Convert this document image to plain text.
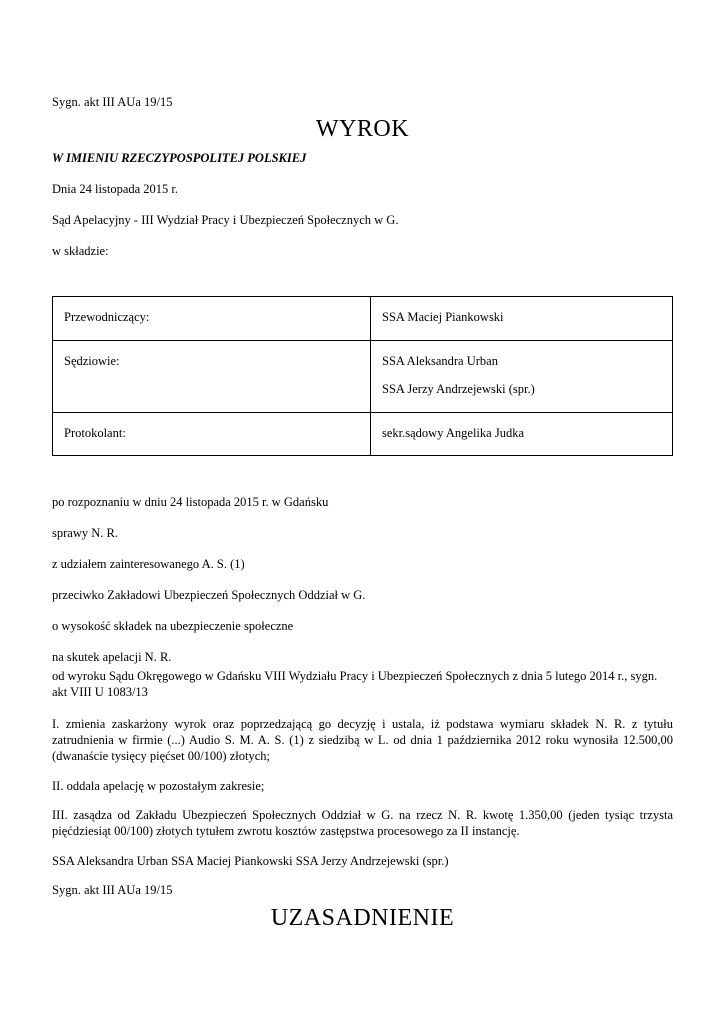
Sygn. akt III AUa 19/15

WYROK

W IMIENIU RZECZYPOSPOLITEJ POLSKIEJ

Dnia 24 listopada 2015 r.

Sąd Apelacyjny - III Wydział Pracy i Ubezpieczeń Społecznych w G.

w składzie:

Przewodniczący:	SSA Maciej Piankowski

Sędziowie:	SSA Aleksandra Urban
SSA Jerzy Andrzejewski (spr.)

Protokolant:	sekr.sądowy Angelika Judka

po rozpoznaniu w dniu 24 listopada 2015 r. w Gdańsku

sprawy N. R.

z udziałem zainteresowanego A. S. (1)

przeciwko Zakładowi Ubezpieczeń Społecznych Oddział w G.

o wysokość składek na ubezpieczenie społeczne

na skutek apelacji N. R.

od wyroku Sądu Okręgowego w Gdańsku VIII Wydziału Pracy i Ubezpieczeń Społecznych z dnia 5 lutego 2014 r., sygn. akt VIII U 1083/13

I. zmienia zaskarżony wyrok oraz poprzedzającą go decyzję i ustala, iż podstawa wymiaru składek N. R. z tytułu zatrudnienia w firmie (...) Audio S. M. A. S. (1) z siedzibą w L. od dnia 1 października 2012 roku wynosiła 12.500,00 (dwanaście tysięcy pięćset 00/100) złotych;

II. oddala apelację w pozostałym zakresie;

III. zasądza od Zakładu Ubezpieczeń Społecznych Oddział w G. na rzecz N. R. kwotę 1.350,00 (jeden tysiąc trzysta pięćdziesiąt 00/100) złotych tytułem zwrotu kosztów zastępstwa procesowego za II instancję.

SSA Aleksandra Urban SSA Maciej Piankowski SSA Jerzy Andrzejewski (spr.)

Sygn. akt III AUa 19/15

UZASADNIENIE
